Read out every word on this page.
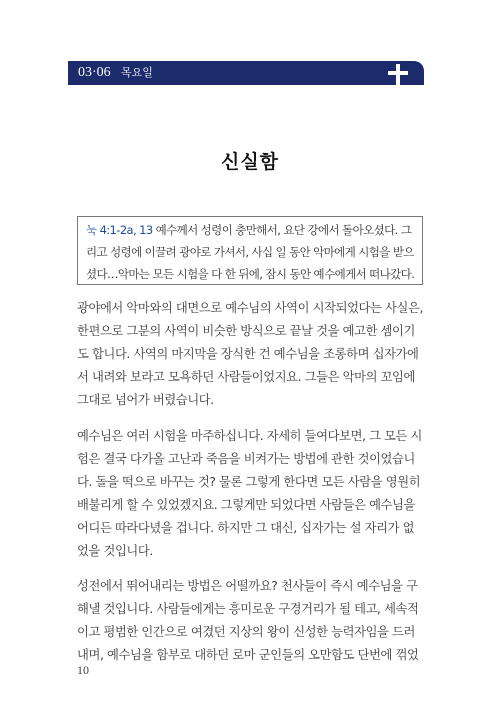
03·06 목요일
신실함
눅 4:1-2a, 13 예수께서 성령이 충만해서, 요단 강에서 돌아오셨다. 그
리고 성령에 이끌려 광야로 가셔서, 사십 일 동안 악마에게 시험을 받으
셨다…악마는 모든 시험을 다 한 뒤에, 잠시 동안 예수에게서 떠나갔다.
광야에서 악마와의 대면으로 예수님의 사역이 시작되었다는 사실은,
한편으로 그분의 사역이 비슷한 방식으로 끝날 것을 예고한 셈이기
도 합니다. 사역의 마지막을 장식한 건 예수님을 조롱하며 십자가에
서 내려와 보라고 모욕하던 사람들이었지요. 그들은 악마의 꼬임에
그대로 넘어가 버렸습니다.
예수님은 여러 시험을 마주하십니다. 자세히 들여다보면, 그 모든 시
험은 결국 다가올 고난과 죽음을 비켜가는 방법에 관한 것이었습니
다. 돌을 떡으로 바꾸는 것? 물론 그렇게 한다면 모든 사람을 영원히
배불리게 할 수 있었겠지요. 그렇게만 되었다면 사람들은 예수님을
어디든 따라다녔을 겁니다. 하지만 그 대신, 십자가는 설 자리가 없
었을 것입니다.
성전에서 뛰어내리는 방법은 어떨까요? 천사들이 즉시 예수님을 구
해낼 것입니다. 사람들에게는 흥미로운 구경거리가 될 테고, 세속적
이고 평범한 인간으로 여겼던 지상의 왕이 신성한 능력자임을 드러
내며, 예수님을 함부로 대하던 로마 군인들의 오만함도 단번에 꺾었
10
